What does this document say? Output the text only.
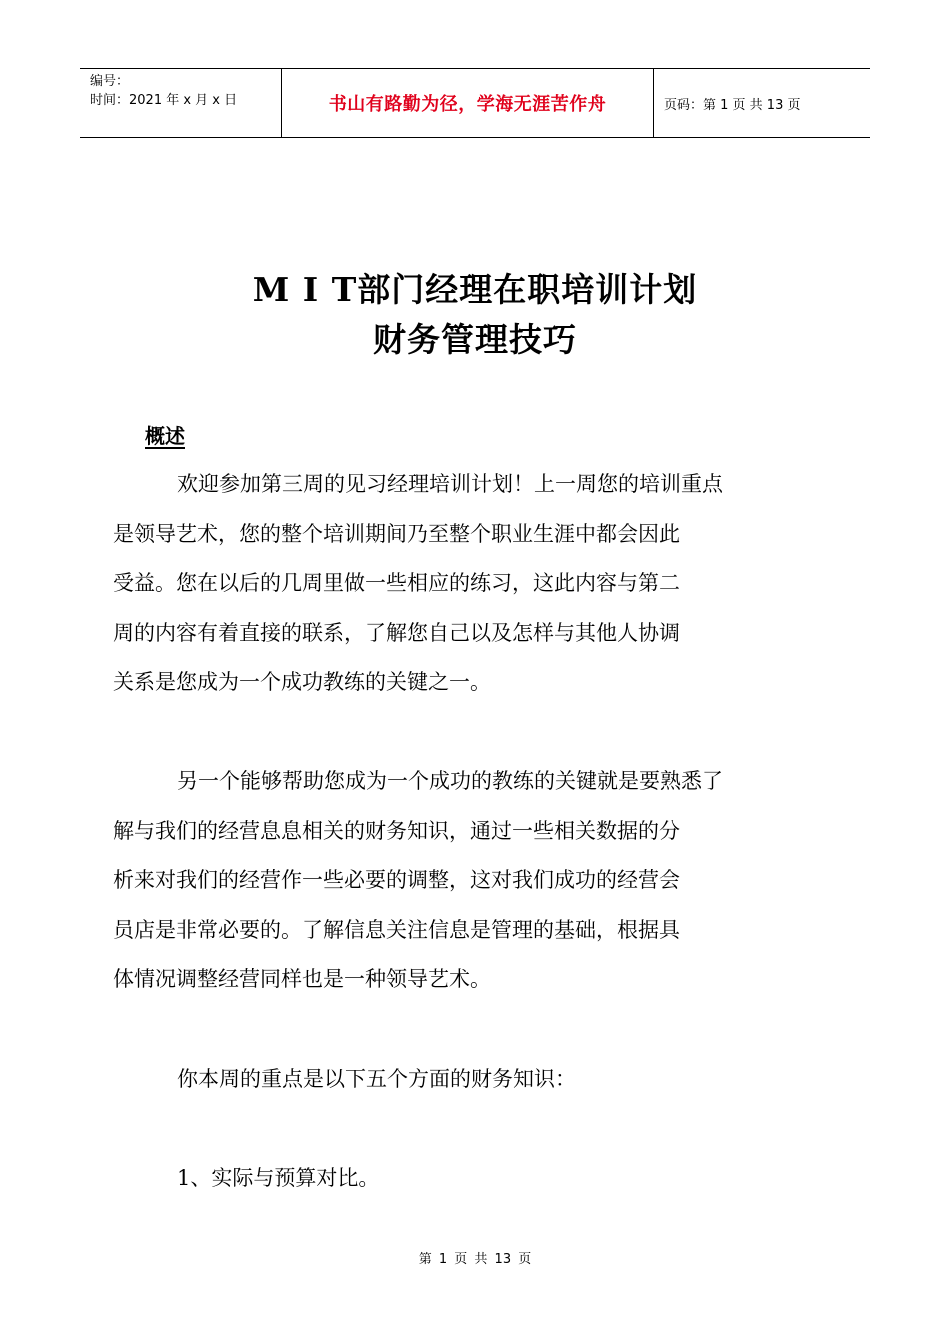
编号：
时间：2021 年 x 月 x 日	书山有路勤为径，学海无涯苦作舟	页码：第 1 页 共 13 页
M I T部门经理在职培训计划
财务管理技巧
概述

欢迎参加第三周的见习经理培训计划！上一周您的培训重点
是领导艺术，您的整个培训期间乃至整个职业生涯中都会因此
受益。您在以后的几周里做一些相应的练习，这此内容与第二
周的内容有着直接的联系，了解您自己以及怎样与其他人协调
关系是您成为一个成功教练的关键之一。

另一个能够帮助您成为一个成功的教练的关键就是要熟悉了
解与我们的经营息息相关的财务知识，通过一些相关数据的分
析来对我们的经营作一些必要的调整，这对我们成功的经营会
员店是非常必要的。了解信息关注信息是管理的基础，根据具
体情况调整经营同样也是一种领导艺术。

你本周的重点是以下五个方面的财务知识：

1、实际与预算对比。

第 1 页 共 13 页
